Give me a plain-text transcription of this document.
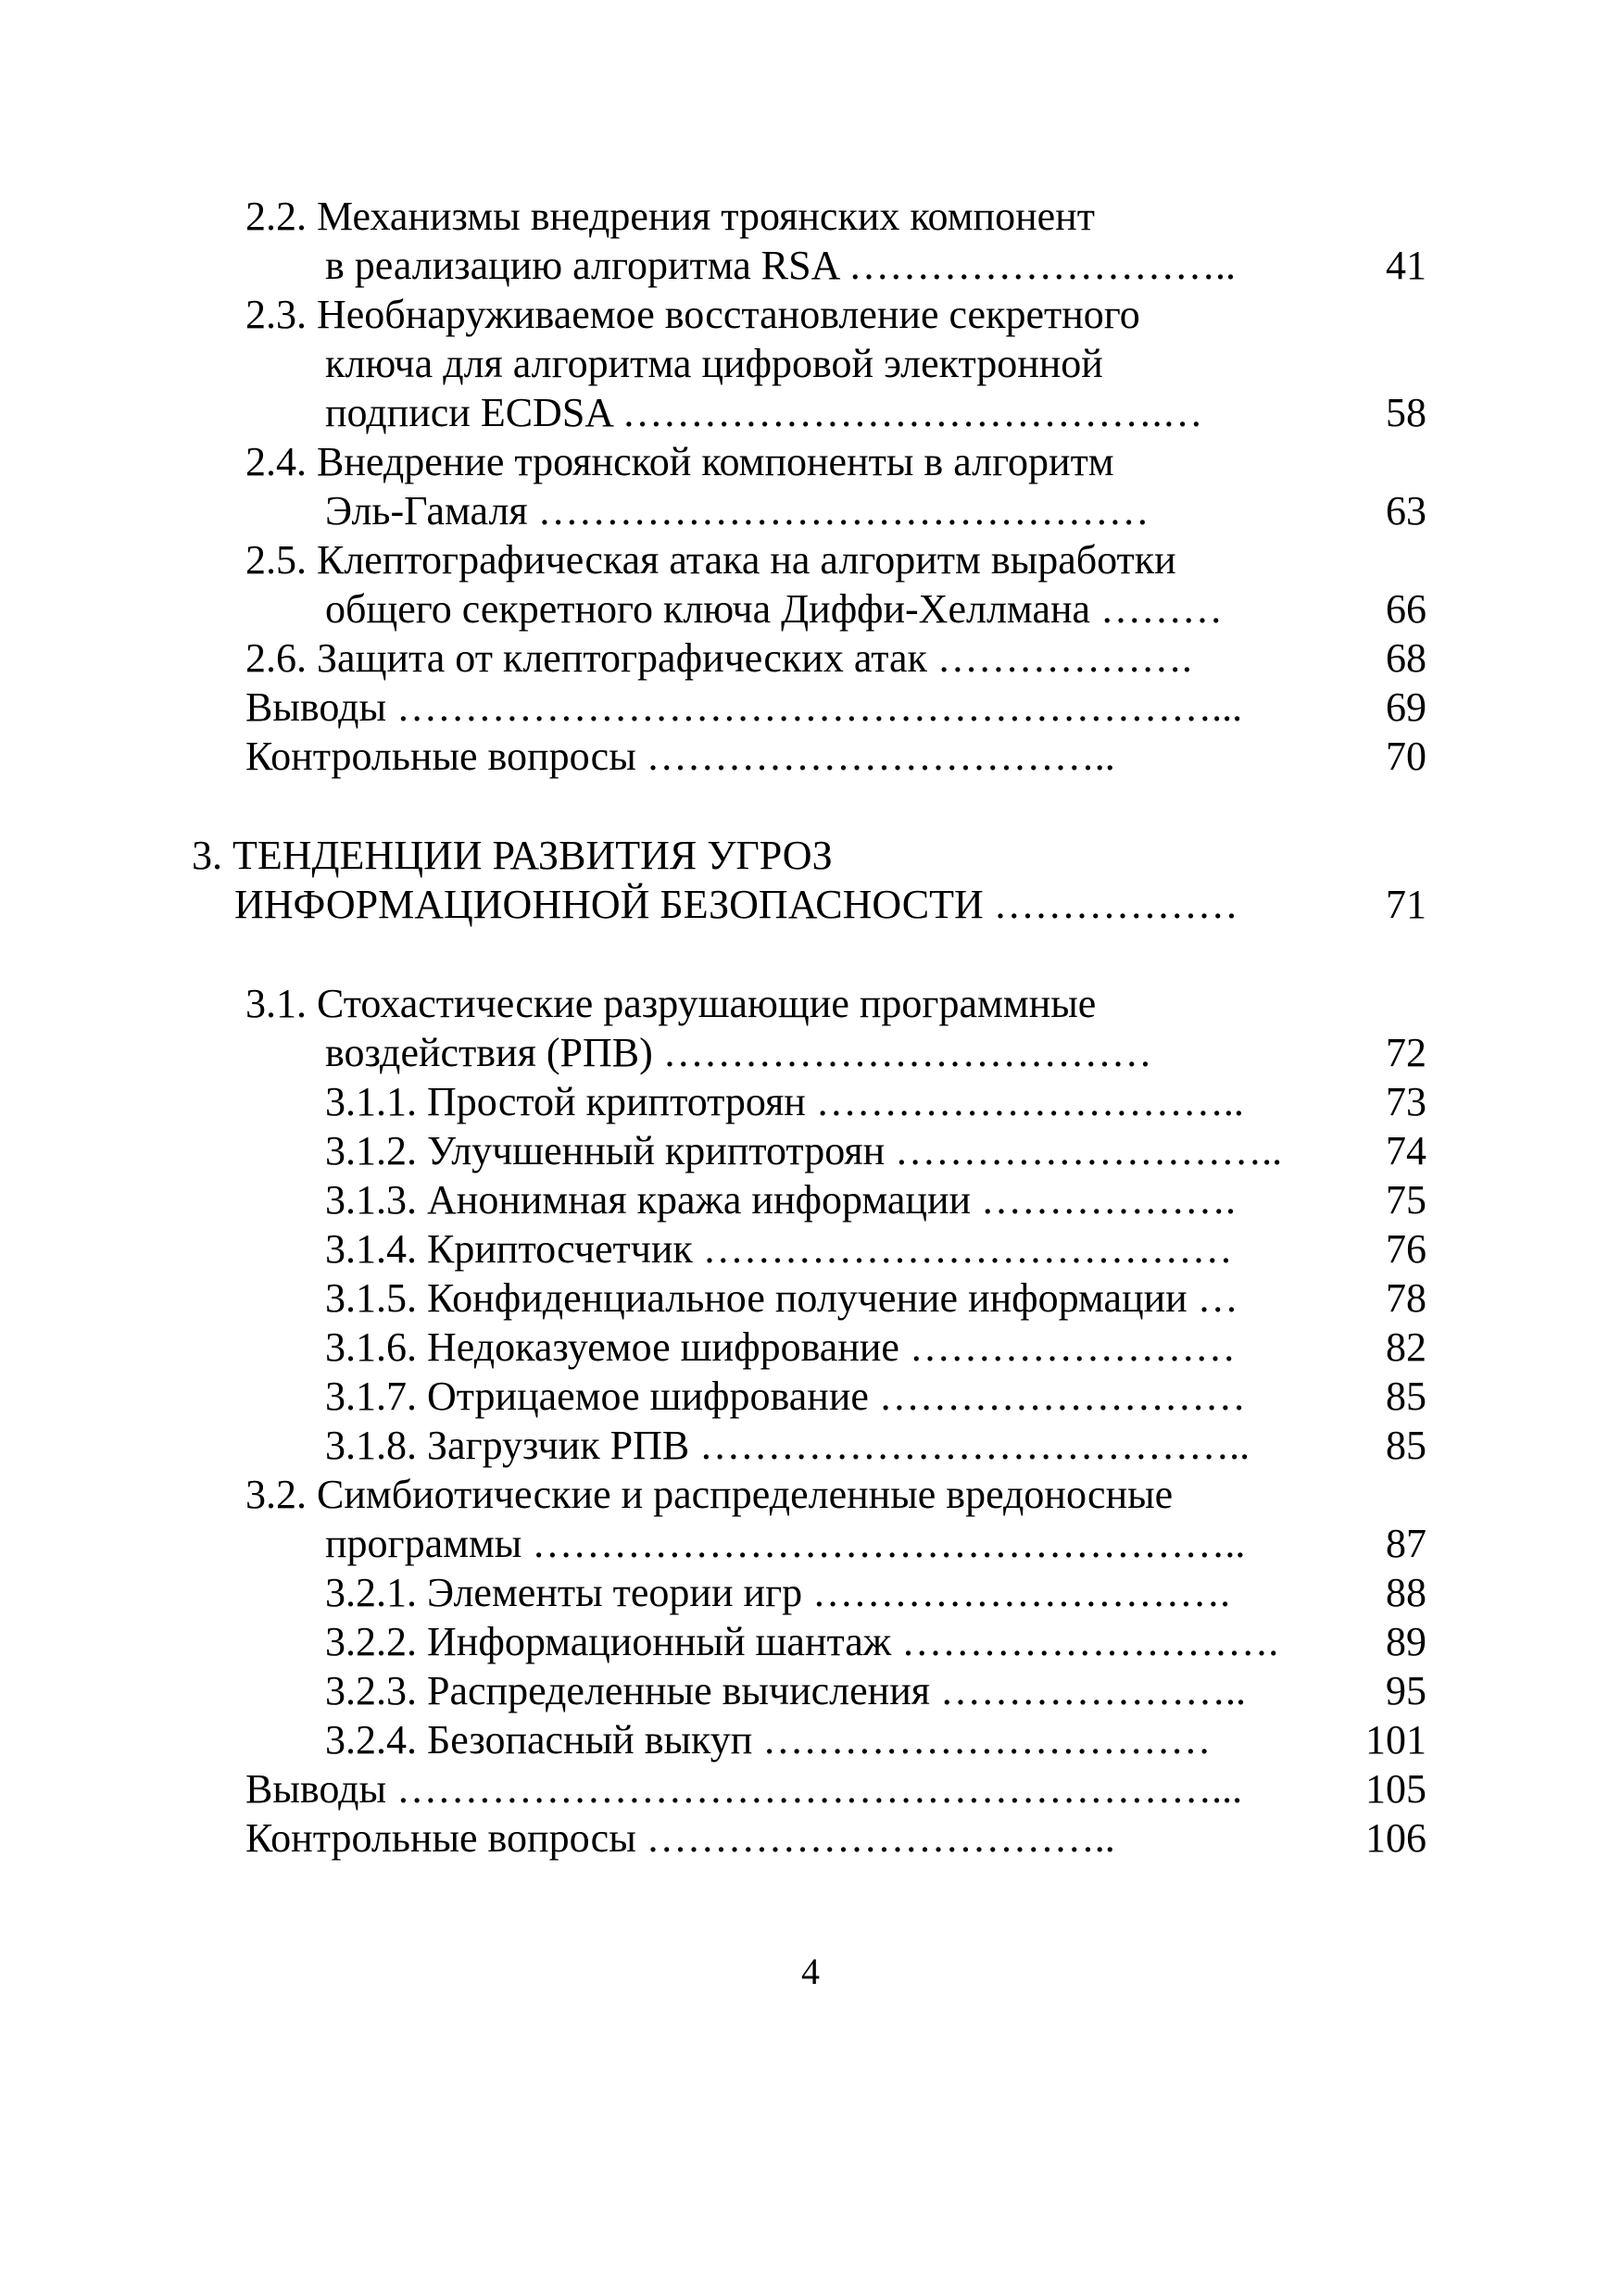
2.2. Механизмы внедрения троянских компонент
в реализацию алгоритма RSA ………………………..	41
2.3. Необнаруживаемое восстановление секретного
ключа для алгоритма цифровой электронной
подписи ECDSA ………………………………….…	58
2.4. Внедрение троянской компоненты в алгоритм
Эль-Гамаля ………………………………………	63
2.5. Клептографическая атака на алгоритм выработки
общего секретного ключа Диффи-Хеллмана ………	66
2.6. Защита от клептографических атак ……………….	68
Выводы ……………………………………………………...	69
Контрольные вопросы ……………………………..	70
3. ТЕНДЕНЦИИ РАЗВИТИЯ УГРОЗ
ИНФОРМАЦИОННОЙ БЕЗОПАСНОСТИ ………………	71
3.1. Стохастические разрушающие программные
воздействия (РПВ) ………………………………	72
3.1.1. Простой криптотроян …………………………..	73
3.1.2. Улучшенный криптотроян ………………………..	74
3.1.3. Анонимная кража информации ……………….	75
3.1.4. Криптосчетчик …………………………………	76
3.1.5. Конфиденциальное получение информации …	78
3.1.6. Недоказуемое шифрование ……………………	82
3.1.7. Отрицаемое шифрование ………………………	85
3.1.8. Загрузчик РПВ …………………………………..	85
3.2. Симбиотические и распределенные вредоносные
программы ……………………………………………..	87
3.2.1. Элементы теории игр ………………………….	88
3.2.2. Информационный шантаж ……………………….	89
3.2.3. Распределенные вычисления …………………..	95
3.2.4. Безопасный выкуп ……………………………	101
Выводы ……………………………………………………...	105
Контрольные вопросы ……………………………..	106
4
